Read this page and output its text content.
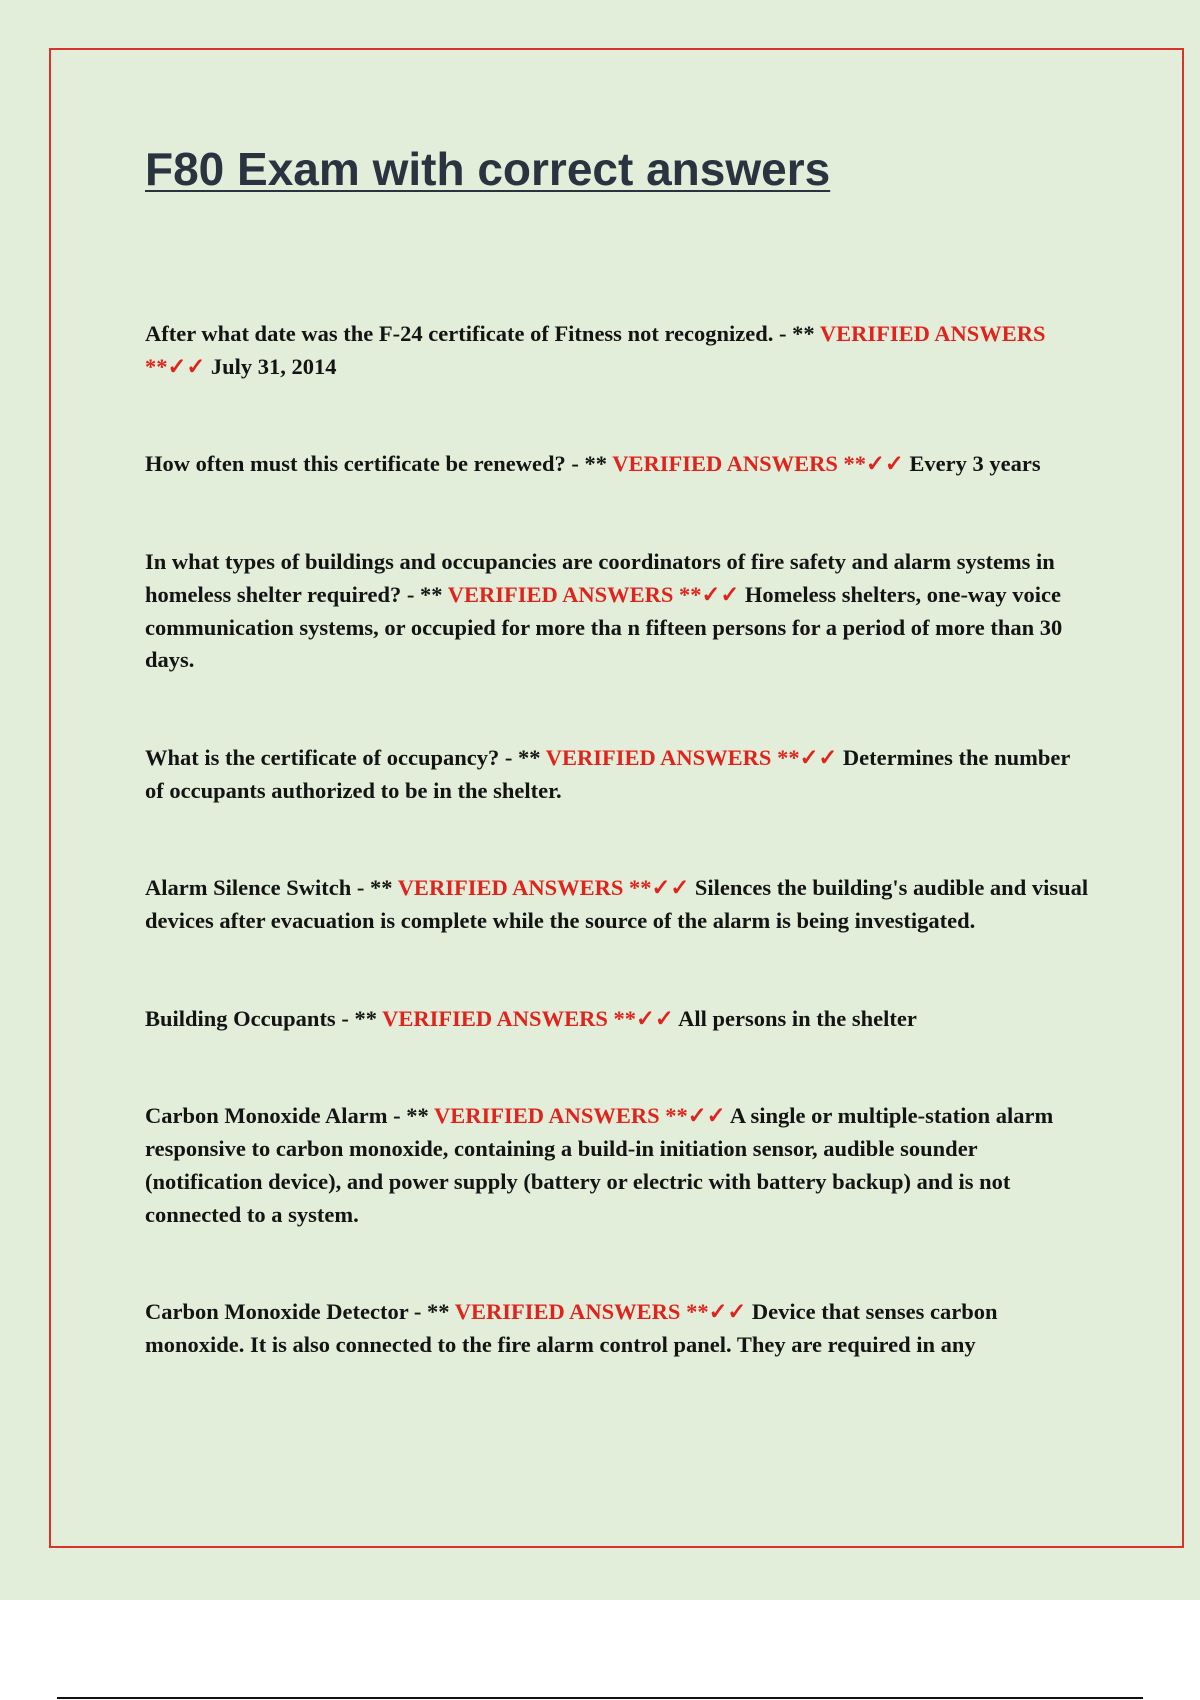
F80 Exam with correct answers

After what date was the F-24 certificate of Fitness not recognized. - ** VERIFIED ANSWERS **✓✓ July 31, 2014

How often must this certificate be renewed? - ** VERIFIED ANSWERS **✓✓ Every 3 years

In what types of buildings and occupancies are coordinators of fire safety and alarm systems in homeless shelter required? - ** VERIFIED ANSWERS **✓✓ Homeless shelters, one-way voice communication systems, or occupied for more tha n fifteen persons for a period of more than 30 days.

What is the certificate of occupancy? - ** VERIFIED ANSWERS **✓✓ Determines the number of occupants authorized to be in the shelter.

Alarm Silence Switch - ** VERIFIED ANSWERS **✓✓ Silences the building's audible and visual devices after evacuation is complete while the source of the alarm is being investigated.

Building Occupants - ** VERIFIED ANSWERS **✓✓ All persons in the shelter

Carbon Monoxide Alarm - ** VERIFIED ANSWERS **✓✓ A single or multiple-station alarm responsive to carbon monoxide, containing a build-in initiation sensor, audible sounder (notification device), and power supply (battery or electric with battery backup) and is not connected to a system.

Carbon Monoxide Detector - ** VERIFIED ANSWERS **✓✓ Device that senses carbon monoxide. It is also connected to the fire alarm control panel. They are required in any
